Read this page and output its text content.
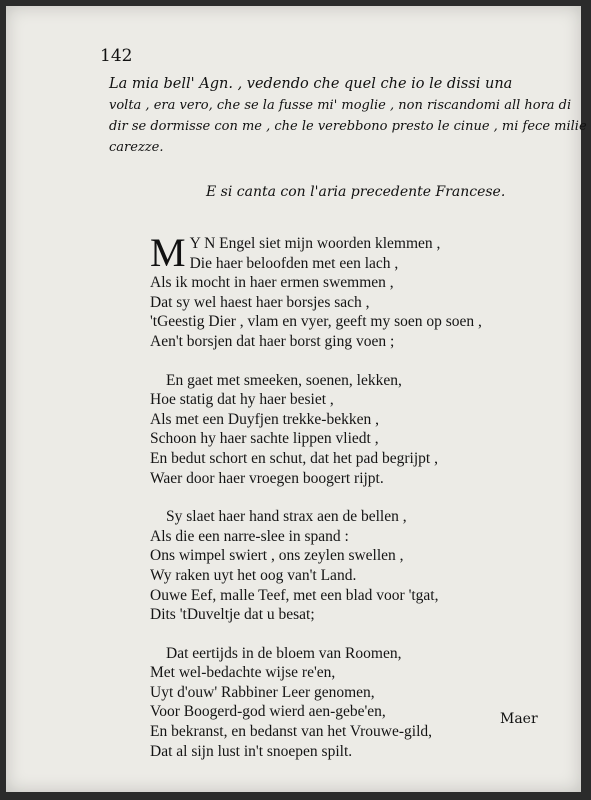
142
La mia bell' Agn. , vedendo che quel che io le dissi una
volta , era vero, che se la fusse mi' moglie , non riscandomi all hora di
dir se dormisse con me , che le verebbono presto le cinue , mi fece milie
carezze.
E si canta con l'aria precedente Francese.
M Y N Engel siet mijn woorden klemmen ,
Die haer beloofden met een lach ,
Als ik mocht in haer ermen swemmen ,
Dat sy wel haest haer borsjes sach ,
'tGeestig Dier , vlam en vyer, geeft my soen op soen ,
Aen't borsjen dat haer borst ging voen ;
En gaet met smeeken, soenen, lekken,
Hoe statig dat hy haer besiet ,
Als met een Duyfjen trekke-bekken ,
Schoon hy haer sachte lippen vliedt ,
En bedut schort en schut, dat het pad begrijpt ,
Waer door haer vroegen boogert rijpt.
Sy slaet haer hand strax aen de bellen ,
Als die een narre-slee in spand :
Ons wimpel swiert , ons zeylen swellen ,
Wy raken uyt het oog van't Land.
Ouwe Eef, malle Teef, met een blad voor 'tgat,
Dits 'tDuveltje dat u besat;
Dat eertijds in de bloem van Roomen,
Met wel-bedachte wijse re'en,
Uyt d'ouw' Rabbiner Leer genomen,
Voor Boogerd-god wierd aen-gebe'en,
En bekranst, en bedanst van het Vrouwe-gild,
Dat al sijn lust in't snoepen spilt.
Maer
